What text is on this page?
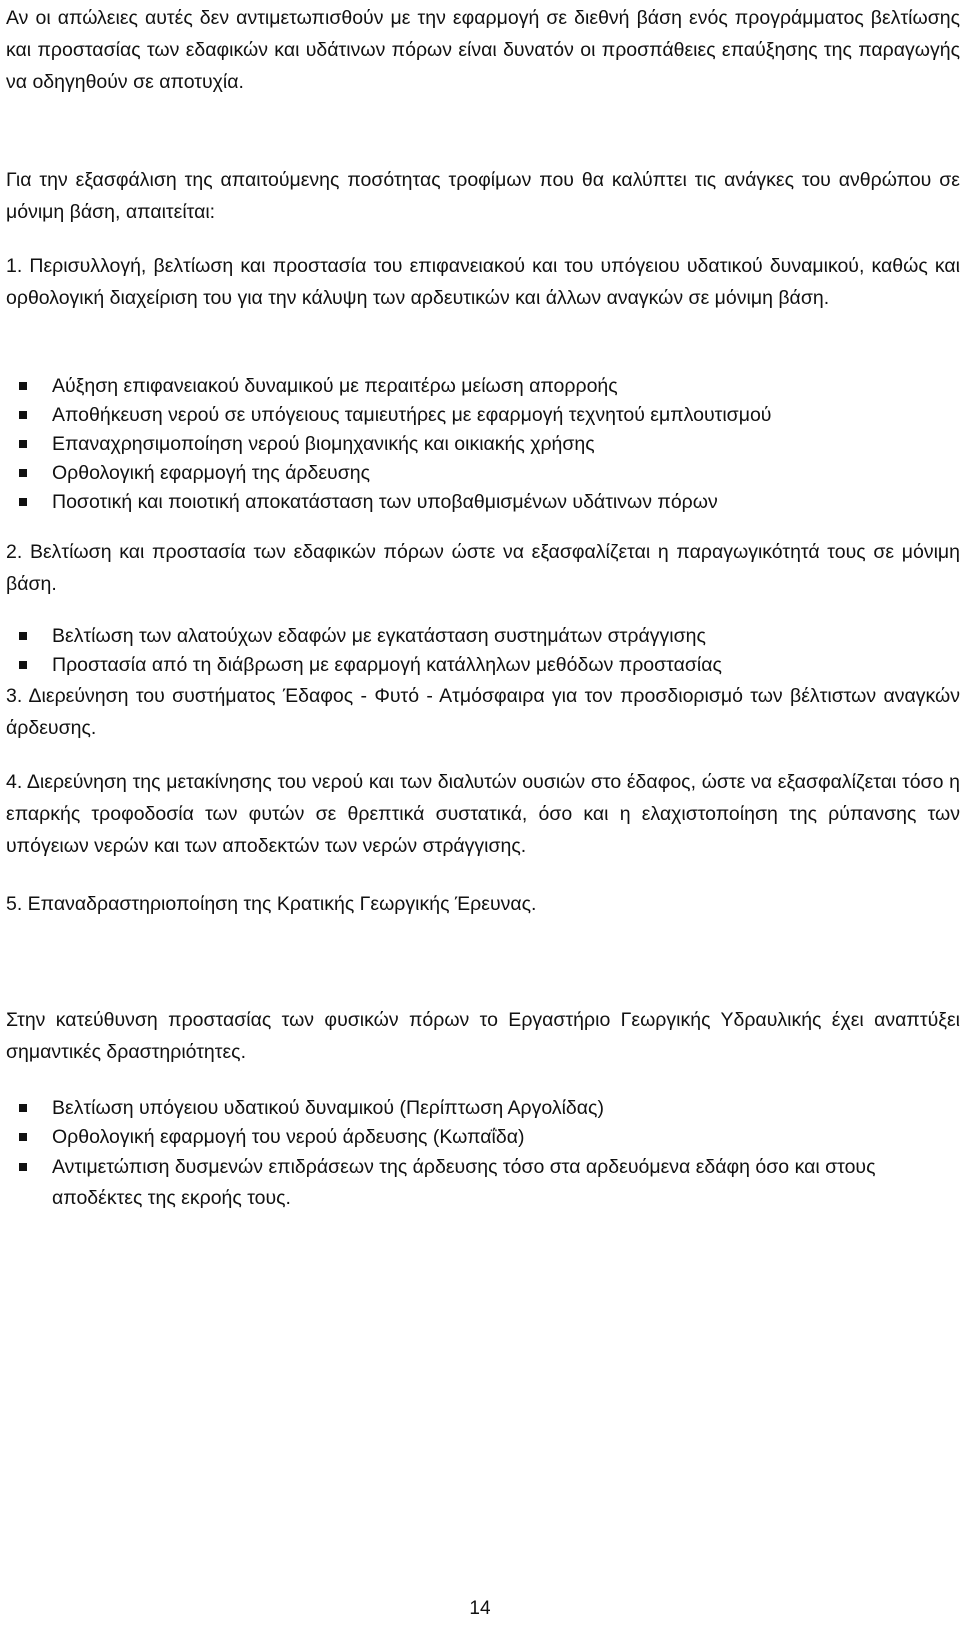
Αν οι απώλειες αυτές δεν αντιμετωπισθούν με την εφαρμογή σε διεθνή βάση ενός προγράμματος βελτίωσης και προστασίας των εδαφικών και υδάτινων πόρων είναι δυνατόν οι προσπάθειες επαύξησης της παραγωγής να οδηγηθούν σε αποτυχία.

Για την εξασφάλιση της απαιτούμενης ποσότητας τροφίμων που θα καλύπτει τις ανάγκες του ανθρώπου σε μόνιμη βάση, απαιτείται:

1. Περισυλλογή, βελτίωση και προστασία του επιφανειακού και του υπόγειου υδατικού δυναμικού, καθώς και ορθολογική διαχείριση του για την κάλυψη των αρδευτικών και άλλων αναγκών σε μόνιμη βάση.

Αύξηση επιφανειακού δυναμικού με περαιτέρω μείωση απορροής
Αποθήκευση νερού σε υπόγειους ταμιευτήρες με εφαρμογή τεχνητού εμπλουτισμού
Επαναχρησιμοποίηση νερού βιομηχανικής και οικιακής χρήσης
Ορθολογική εφαρμογή της άρδευσης
Ποσοτική και ποιοτική αποκατάσταση των υποβαθμισμένων υδάτινων πόρων

2. Βελτίωση και προστασία των εδαφικών πόρων ώστε να εξασφαλίζεται η παραγωγικότητά τους σε μόνιμη βάση.

Βελτίωση των αλατούχων εδαφών με εγκατάσταση συστημάτων στράγγισης
Προστασία από τη διάβρωση με εφαρμογή κατάλληλων μεθόδων προστασίας

3. Διερεύνηση του συστήματος Έδαφος - Φυτό - Ατμόσφαιρα για τον προσδιορισμό των βέλτιστων αναγκών άρδευσης.

4. Διερεύνηση της μετακίνησης του νερού και των διαλυτών ουσιών στο έδαφος, ώστε να εξασφαλίζεται τόσο η επαρκής τροφοδοσία των φυτών σε θρεπτικά συστατικά, όσο και η ελαχιστοποίηση της ρύπανσης των υπόγειων νερών και των αποδεκτών των νερών στράγγισης.

5. Επαναδραστηριοποίηση της Κρατικής Γεωργικής Έρευνας.

Στην κατεύθυνση προστασίας των φυσικών πόρων το Εργαστήριο Γεωργικής Υδραυλικής έχει αναπτύξει σημαντικές δραστηριότητες.

Βελτίωση υπόγειου υδατικού δυναμικού (Περίπτωση Αργολίδας)
Ορθολογική εφαρμογή του νερού άρδευσης (Κωπαΐδα)
Αντιμετώπιση δυσμενών επιδράσεων της άρδευσης τόσο στα αρδευόμενα εδάφη όσο και στους αποδέκτες της εκροής τους.
14
